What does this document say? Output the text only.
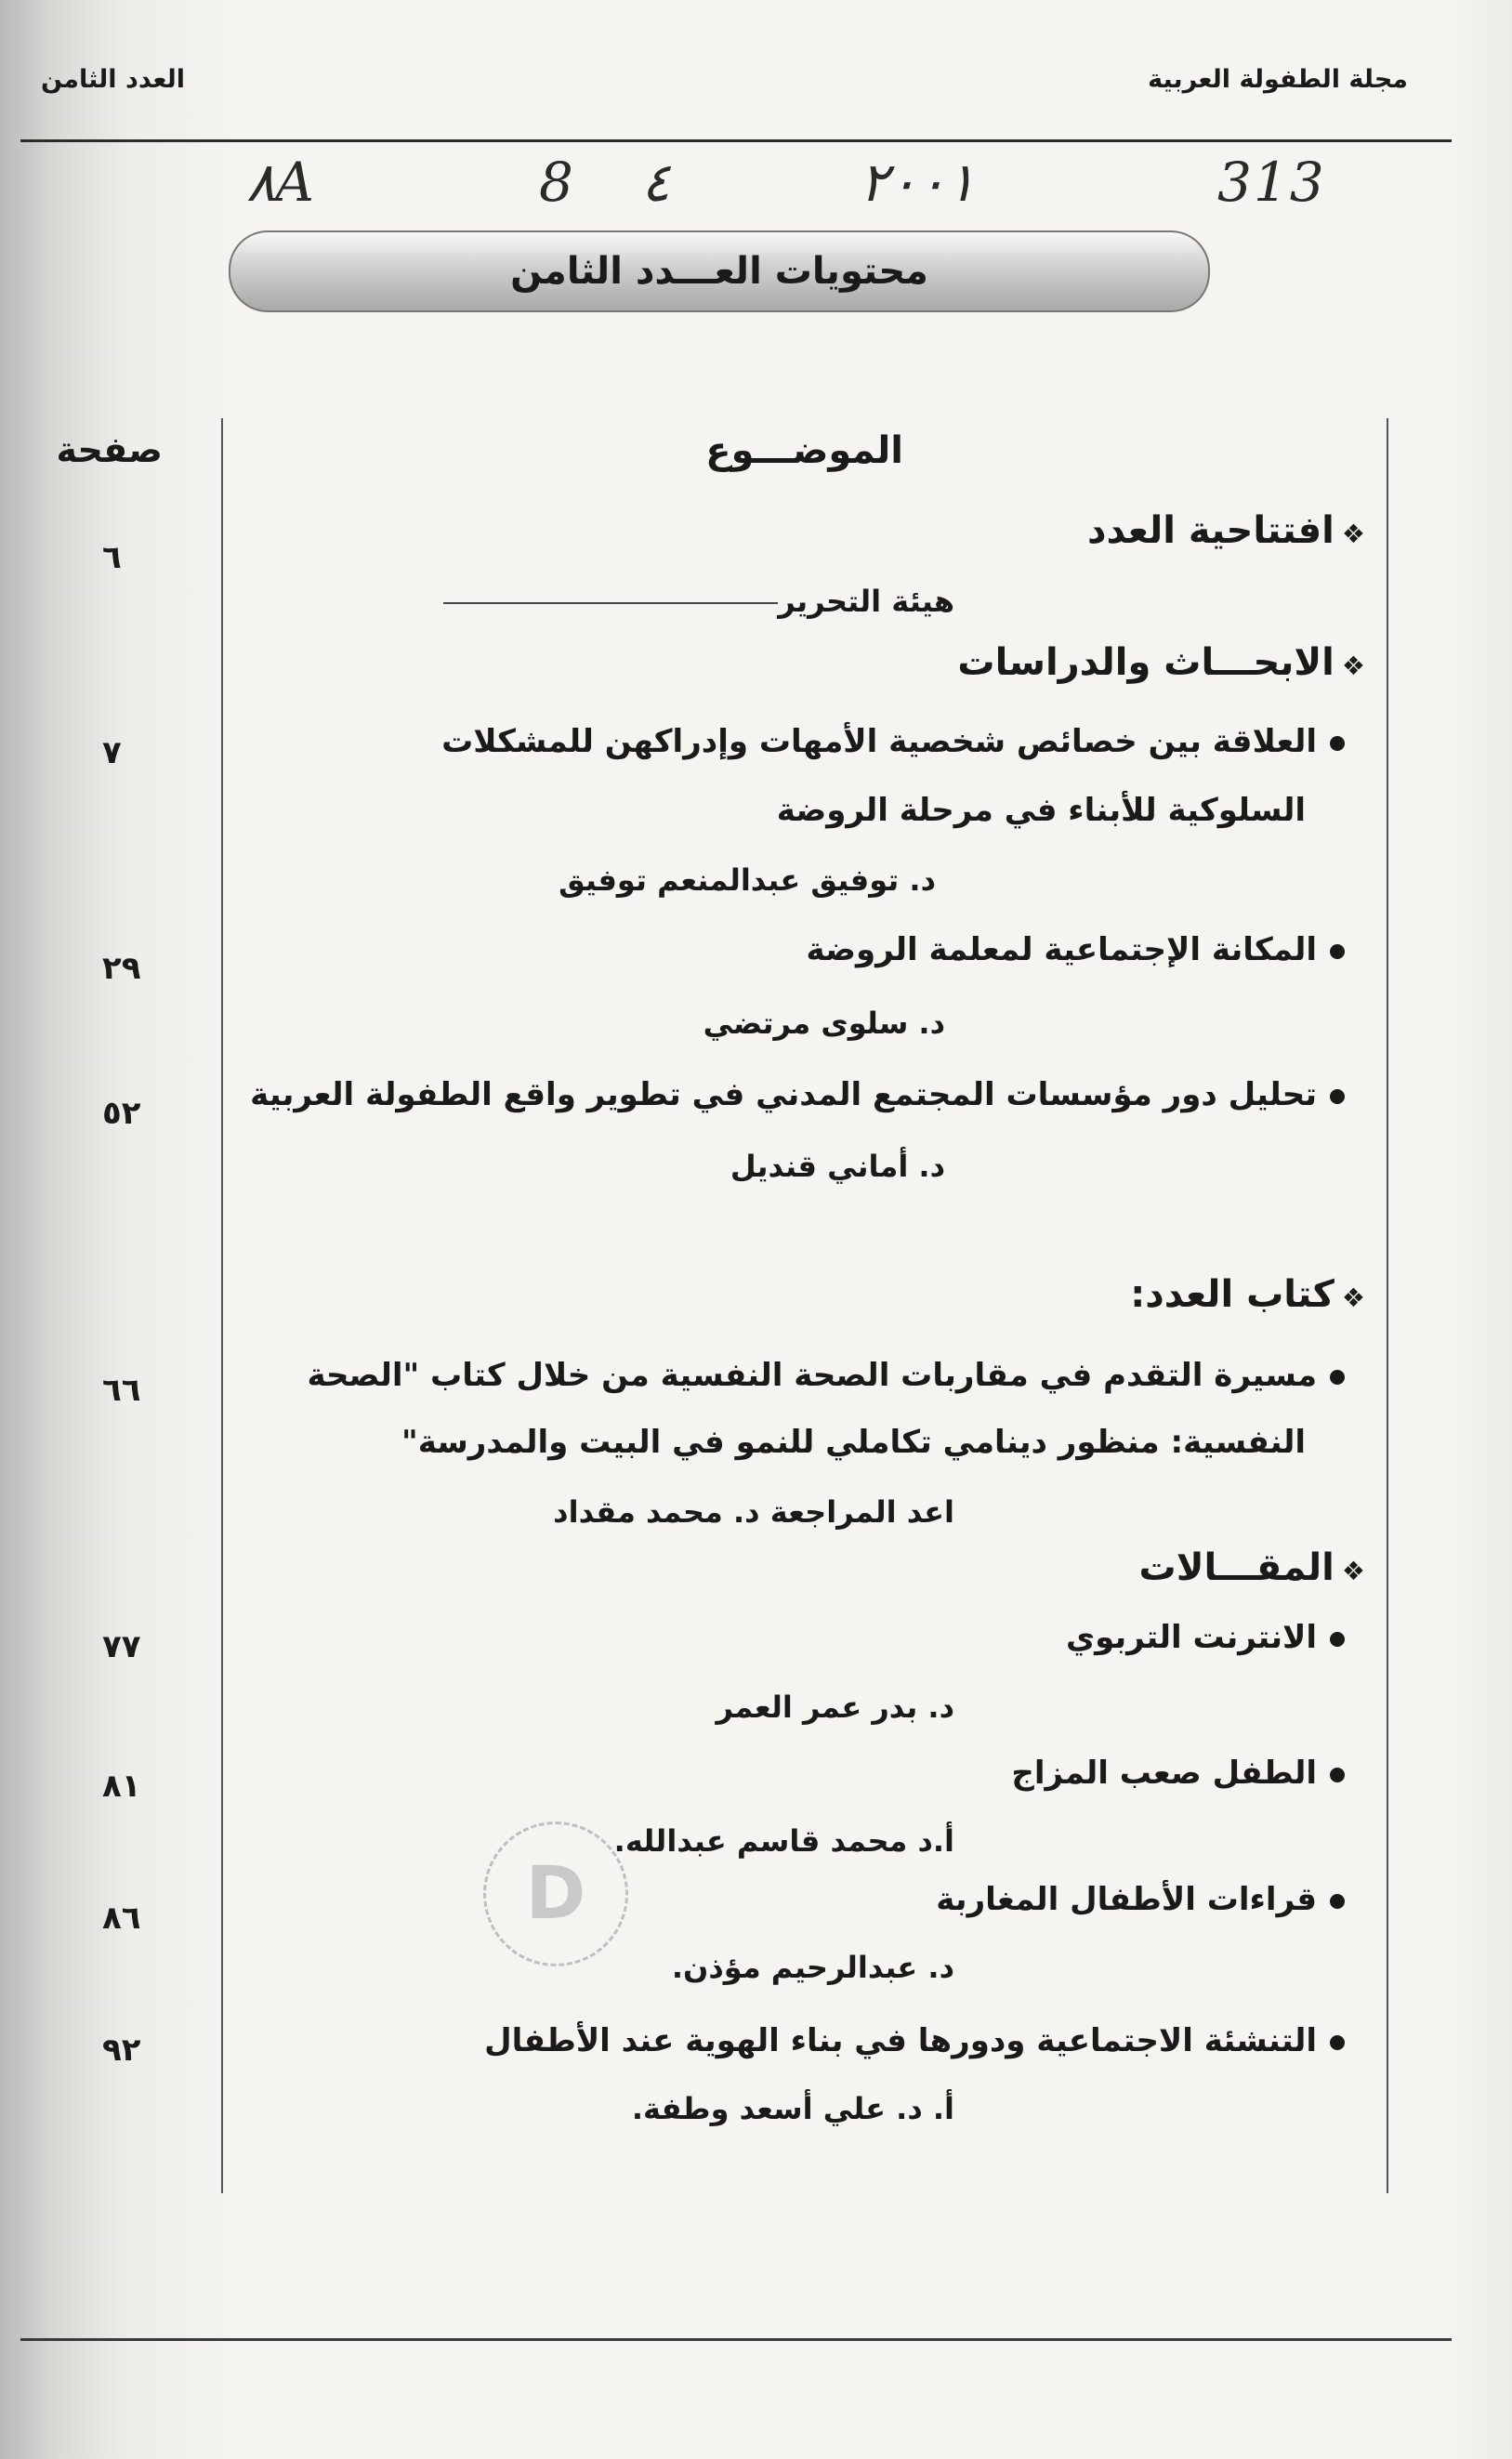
مجلة الطفولة العربية
العدد الثامن
313
٢٠٠١
٤
8
٨A
محتويات العـــدد الثامن
صفحة	الموضـــوع
❖افتتاحية العدد
٦
هيئة التحرير
❖الابحـــاث والدراسات
العلاقة بين خصائص شخصية الأمهات وإدراكهن للمشكلات
السلوكية للأبناء في مرحلة الروضة
د. توفيق عبدالمنعم توفيق
٧
المكانة الإجتماعية لمعلمة الروضة
د. سلوى مرتضي
٢٩
تحليل دور مؤسسات المجتمع المدني في تطوير واقع الطفولة العربية
د. أماني قنديل
٥٢
❖كتاب العدد:
مسيرة التقدم في مقاربات الصحة النفسية من خلال كتاب "الصحة
النفسية: منظور دينامي تكاملي للنمو في البيت والمدرسة"
اعد المراجعة د. محمد مقداد
٦٦
❖المقـــالات
الانترنت التربوي
د. بدر عمر العمر
٧٧
الطفل صعب المزاج
أ.د محمد قاسم عبدالله.
٨١
قراءات الأطفال المغاربة
د. عبدالرحيم مؤذن.
٨٦
التنشئة الاجتماعية ودورها في بناء الهوية عند الأطفال
أ. د. علي أسعد وطفة.
٩٢
D
